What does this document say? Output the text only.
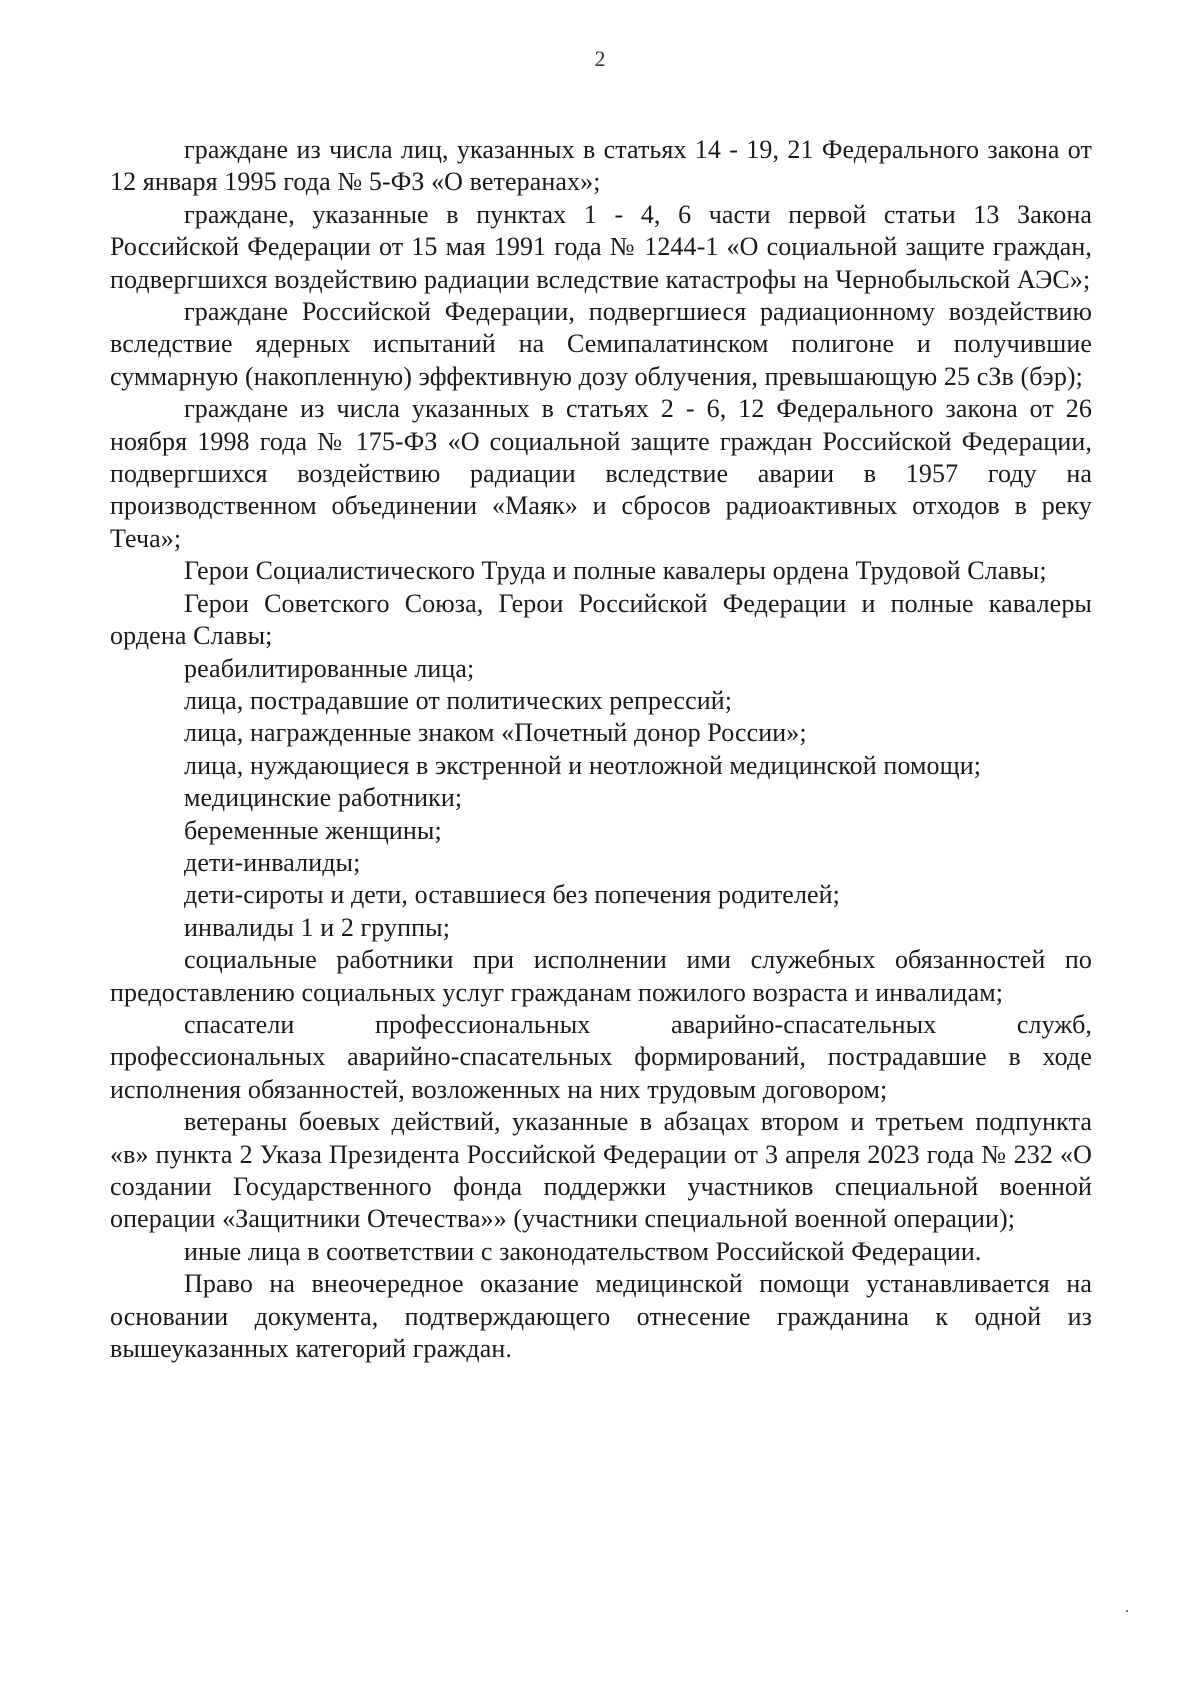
2

граждане из числа лиц, указанных в статьях 14 - 19, 21 Федерального закона от 12 января 1995 года № 5-ФЗ «О ветеранах»;

граждане, указанные в пунктах 1 - 4, 6 части первой статьи 13 Закона Российской Федерации от 15 мая 1991 года № 1244-1 «О социальной защите граждан, подвергшихся воздействию радиации вследствие катастрофы на Чернобыльской АЭС»;

граждане Российской Федерации, подвергшиеся радиационному воздействию вследствие ядерных испытаний на Семипалатинском полигоне и получившие суммарную (накопленную) эффективную дозу облучения, превышающую 25 сЗв (бэр);

граждане из числа указанных в статьях 2 - 6, 12 Федерального закона от 26 ноября 1998 года № 175-ФЗ «О социальной защите граждан Российской Федерации, подвергшихся воздействию радиации вследствие аварии в 1957 году на производственном объединении «Маяк» и сбросов радиоактивных отходов в реку Теча»;

Герои Социалистического Труда и полные кавалеры ордена Трудовой Славы;

Герои Советского Союза, Герои Российской Федерации и полные кавалеры ордена Славы;

реабилитированные лица;

лица, пострадавшие от политических репрессий;

лица, награжденные знаком «Почетный донор России»;

лица, нуждающиеся в экстренной и неотложной медицинской помощи;

медицинские работники;

беременные женщины;

дети-инвалиды;

дети-сироты и дети, оставшиеся без попечения родителей;

инвалиды 1 и 2 группы;

социальные работники при исполнении ими служебных обязанностей по предоставлению социальных услуг гражданам пожилого возраста и инвалидам;

спасатели профессиональных аварийно-спасательных служб, профессиональных аварийно-спасательных формирований, пострадавшие в ходе исполнения обязанностей, возложенных на них трудовым договором;

ветераны боевых действий, указанные в абзацах втором и третьем подпункта «в» пункта 2 Указа Президента Российской Федерации от 3 апреля 2023 года № 232 «О создании Государственного фонда поддержки участников специальной военной операции «Защитники Отечества»» (участники специальной военной операции);

иные лица в соответствии с законодательством Российской Федерации.

Право на внеочередное оказание медицинской помощи устанавливается на основании документа, подтверждающего отнесение гражданина к одной из вышеуказанных категорий граждан.
